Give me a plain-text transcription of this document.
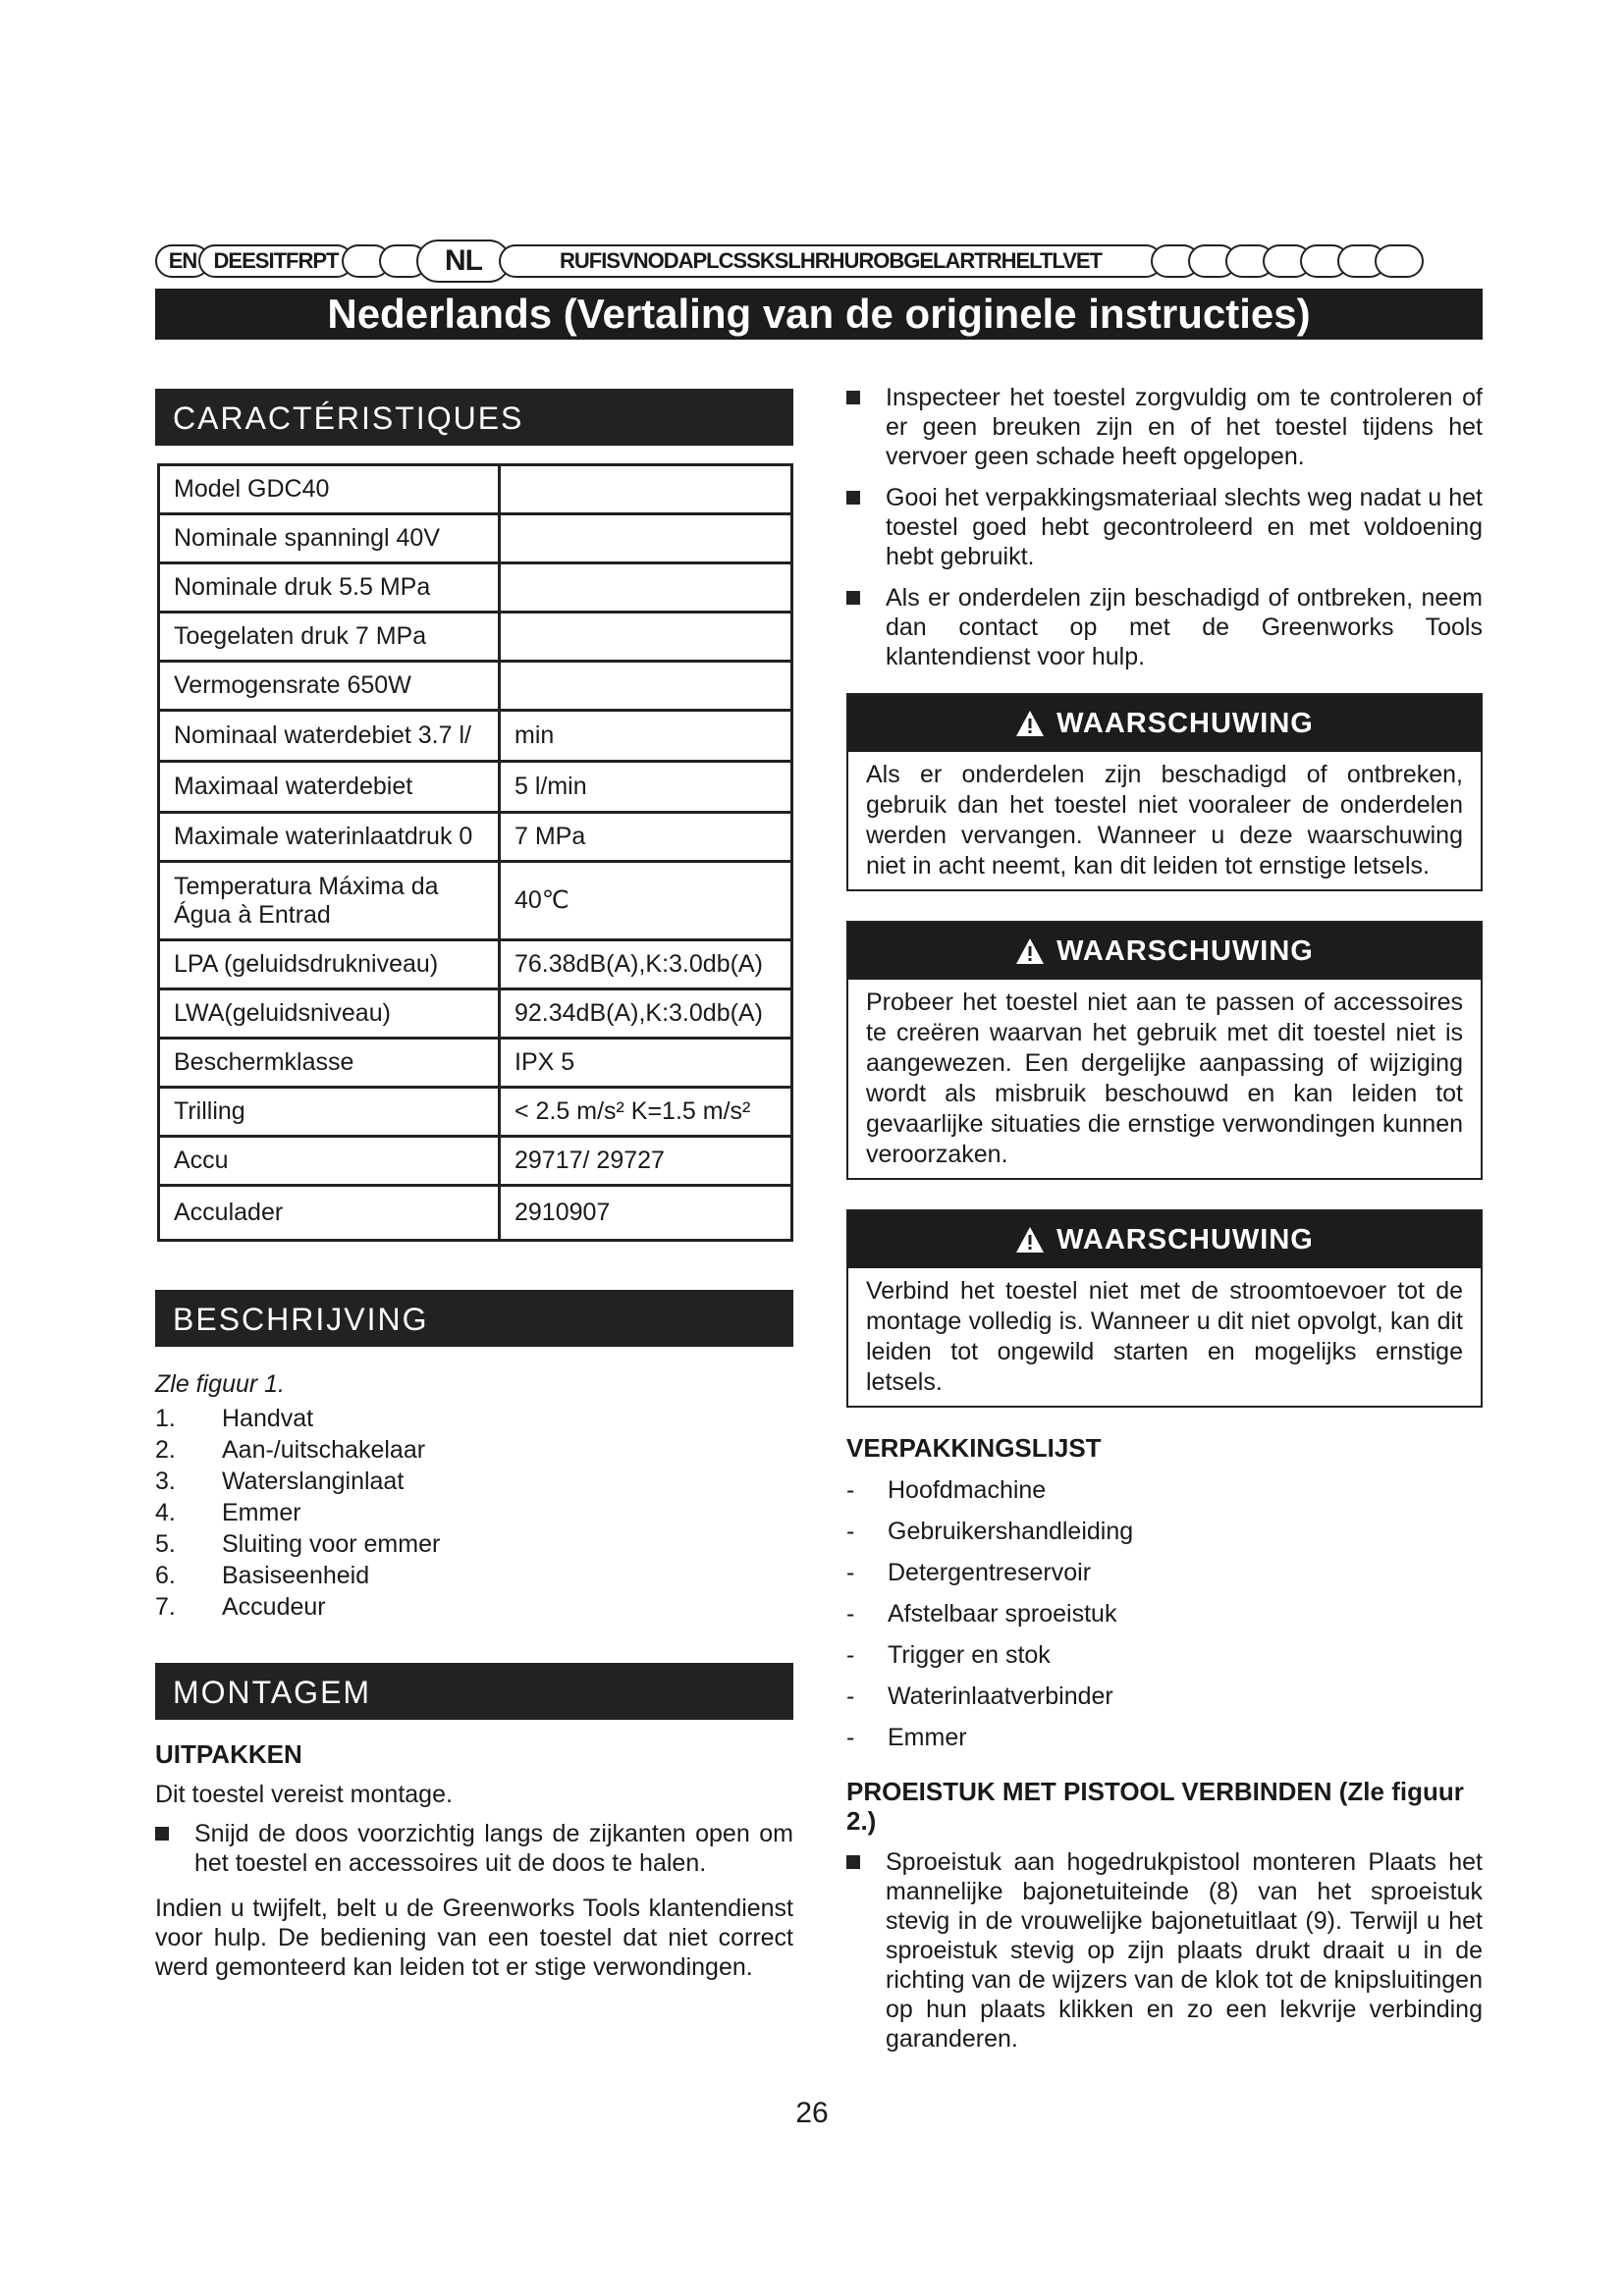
EN DEESITFRPT	NL	RUFISVNODAPLCSSKSLHRHUROBGELARTRHELTLVET
Nederlands (Vertaling van de originele instructies)
CARACTÉRISTIQUES
Model GDC40	
Nominale spanningl 40V	
Nominale druk 5.5 MPa	
Toegelaten druk 7 MPa	
Vermogensrate 650W	
Nominaal waterdebiet 3.7 l/	min
Maximaal waterdebiet	5 l/min
Maximale waterinlaatdruk 0	7 MPa
Temperatura Máxima da Água à Entrad	40℃
LPA (geluidsdrukniveau)	76.38dB(A),K:3.0db(A)
LWA(geluidsniveau)	92.34dB(A),K:3.0db(A)
Beschermklasse	IPX 5
Trilling	< 2.5 m/s² K=1.5 m/s²
Accu	29717/ 29727
Acculader	2910907
BESCHRIJVING
Zle figuur 1.
1.	Handvat
2.	Aan-/uitschakelaar
3.	Waterslanginlaat
4.	Emmer
5.	Sluiting voor emmer
6.	Basiseenheid
7.	Accudeur
MONTAGEM
UITPAKKEN
Dit toestel vereist montage.
Snijd de doos voorzichtig langs de zijkanten open om het toestel en accessoires uit de doos te halen.
Indien u twijfelt, belt u de Greenworks Tools klantendienst voor hulp. De bediening van een toestel dat niet correct werd gemonteerd kan leiden tot er stige verwondingen.
Inspecteer het toestel zorgvuldig om te controleren of er geen breuken zijn en of het toestel tijdens het vervoer geen schade heeft opgelopen.
Gooi het verpakkingsmateriaal slechts weg nadat u het toestel goed hebt gecontroleerd en met voldoening hebt gebruikt.
Als er onderdelen zijn beschadigd of ontbreken, neem dan contact op met de Greenworks Tools klantendienst voor hulp.
WAARSCHUWING
Als er onderdelen zijn beschadigd of ontbreken, gebruik dan het toestel niet vooraleer de onderdelen werden vervangen. Wanneer u deze waarschuwing niet in acht neemt, kan dit leiden tot ernstige letsels.
WAARSCHUWING
Probeer het toestel niet aan te passen of accessoires te creëren waarvan het gebruik met dit toestel niet is aangewezen. Een dergelijke aanpassing of wijziging wordt als misbruik beschouwd en kan leiden tot gevaarlijke situaties die ernstige verwondingen kunnen veroorzaken.
WAARSCHUWING
Verbind het toestel niet met de stroomtoevoer tot de montage volledig is. Wanneer u dit niet opvolgt, kan dit leiden tot ongewild starten en mogelijks ernstige letsels.
VERPAKKINGSLIJST
-	Hoofdmachine
-	Gebruikershandleiding
-	Detergentreservoir
-	Afstelbaar sproeistuk
-	Trigger en stok
-	Waterinlaatverbinder
-	Emmer
PROEISTUK MET PISTOOL VERBINDEN (Zle figuur 2.)
Sproeistuk aan hogedrukpistool monteren Plaats het mannelijke bajonetuiteinde (8) van het sproeistuk stevig in de vrouwelijke bajonetuitlaat (9). Terwijl u het sproeistuk stevig op zijn plaats drukt draait u in de richting van de wijzers van de klok tot de knipsluitingen op hun plaats klikken en zo een lekvrije verbinding garanderen.
26
